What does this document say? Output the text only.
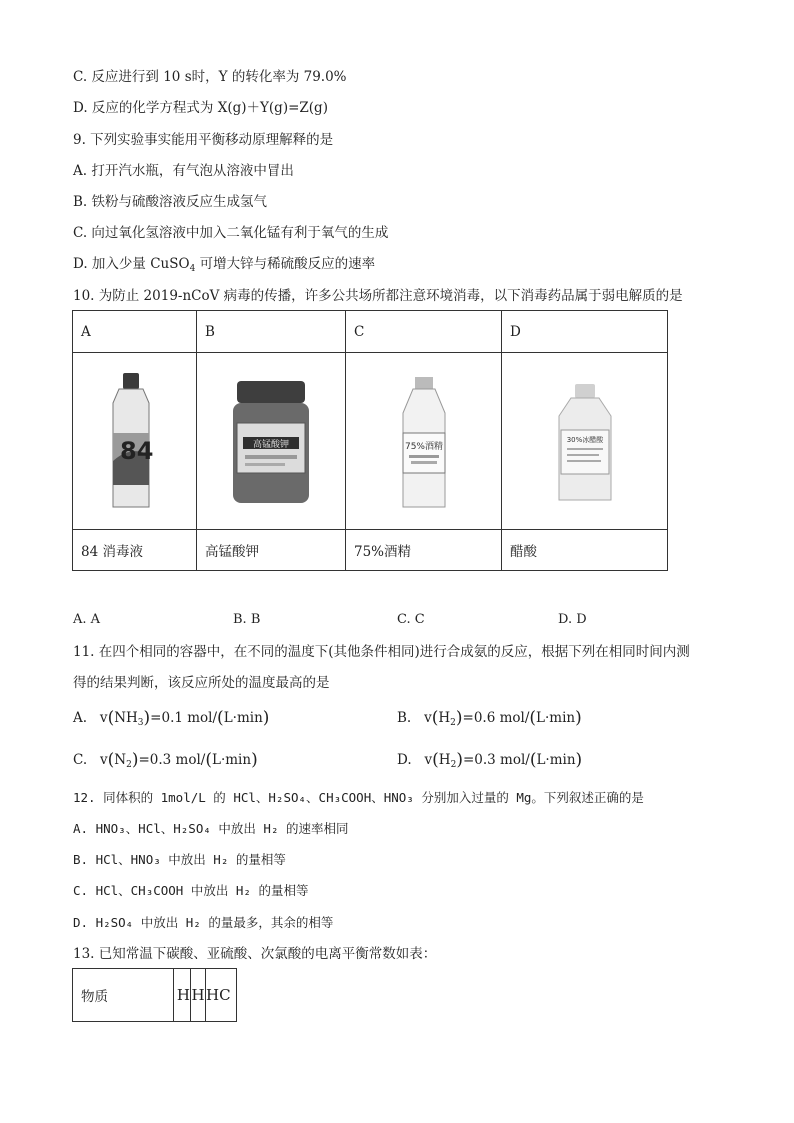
C. 反应进行到 10 s时，Y 的转化率为 79.0%
D. 反应的化学方程式为 X(g)＋Y(g)=Z(g)
9. 下列实验事实能用平衡移动原理解释的是
A. 打开汽水瓶，有气泡从溶液中冒出
B. 铁粉与硫酸溶液反应生成氢气
C. 向过氧化氢溶液中加入二氧化锰有利于氧气的生成
D. 加入少量 CuSO$_4$ 可增大锌与稀硫酸反应的速率
10. 为防止 2019-nCoV 病毒的传播，许多公共场所都注意环境消毒，以下消毒药品属于弱电解质的是
A	B	C	D

84	高锰酸钾	75%酒精	30%冰醋酸

84 消毒液	高锰酸钾	75%酒精	醋酸
A. A	B. B	C. C	D. D
11. 在四个相同的容器中，在不同的温度下(其他条件相同)进行合成氨的反应，根据下列在相同时间内测
得的结果判断，该反应所处的温度最高的是
A.   $v(NH_3)=0.1$ mol/(L·min)	B.   $v(H_2)=0.6$ mol/(L·min)
C.   $v(N_2)=0.3$ mol/(L·min)	D.   $v(H_2)=0.3$ mol/(L·min)
12. 同体积的 1mol/L 的 HCl、H₂SO₄、CH₃COOH、HNO₃ 分别加入过量的 Mg。下列叙述正确的是
A. HNO₃、HCl、H₂SO₄ 中放出 H₂ 的速率相同
B. HCl、HNO₃ 中放出 H₂ 的量相等
C. HCl、CH₃COOH 中放出 H₂ 的量相等
D. H₂SO₄ 中放出 H₂ 的量最多，其余的相等
13. 已知常温下碳酸、亚硫酸、次氯酸的电离平衡常数如表：
物质	H	H	HC
